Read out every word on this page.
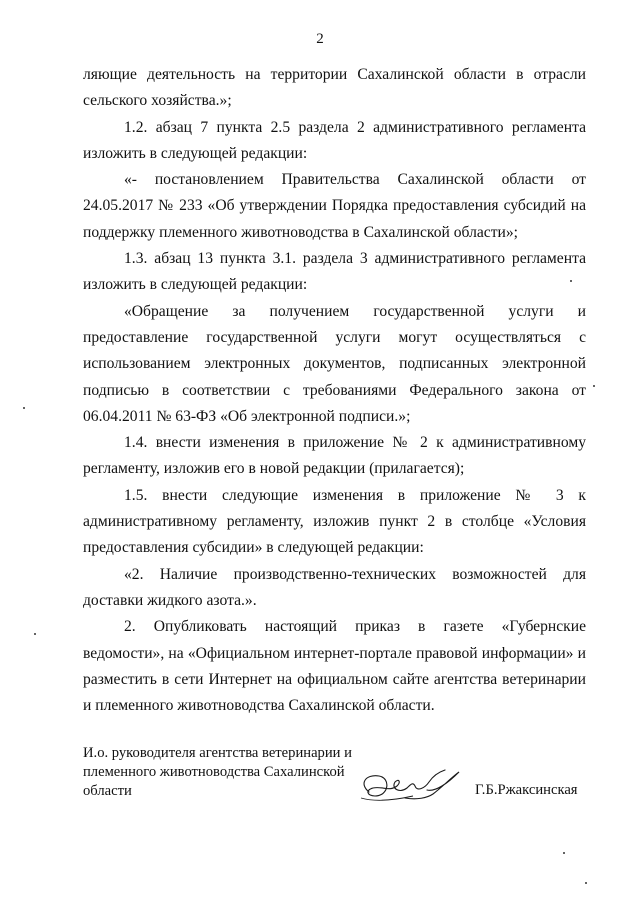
2

ляющие деятельность на территории Сахалинской области в отрасли сельского хозяйства.»;

1.2. абзац 7 пункта 2.5 раздела 2 административного регламента изложить в следующей редакции:

«- постановлением Правительства Сахалинской области от 24.05.2017 № 233 «Об утверждении Порядка предоставления субсидий на поддержку племенного животноводства в Сахалинской области»;

1.3. абзац 13 пункта 3.1. раздела 3 административного регламента изложить в следующей редакции:

«Обращение за получением государственной услуги и предоставление государственной услуги могут осуществляться с использованием электронных документов, подписанных электронной подписью в соответствии с требованиями Федерального закона от 06.04.2011 № 63-ФЗ «Об электронной подписи.»;

1.4. внести изменения в приложение № 2 к административному регламенту, изложив его в новой редакции (прилагается);

1.5. внести следующие изменения в приложение № 3 к административному регламенту, изложив пункт 2 в столбце «Условия предоставления субсидии» в следующей редакции:

«2. Наличие производственно-технических возможностей для доставки жидкого азота.».

2. Опубликовать настоящий приказ в газете «Губернские ведомости», на «Официальном интернет-портале правовой информации» и разместить в сети Интернет на официальном сайте агентства ветеринарии и племенного животноводства Сахалинской области.

И.о. руководителя агентства ветеринарии и
племенного животноводства Сахалинской
области	Г.Б.Ржаксинская
